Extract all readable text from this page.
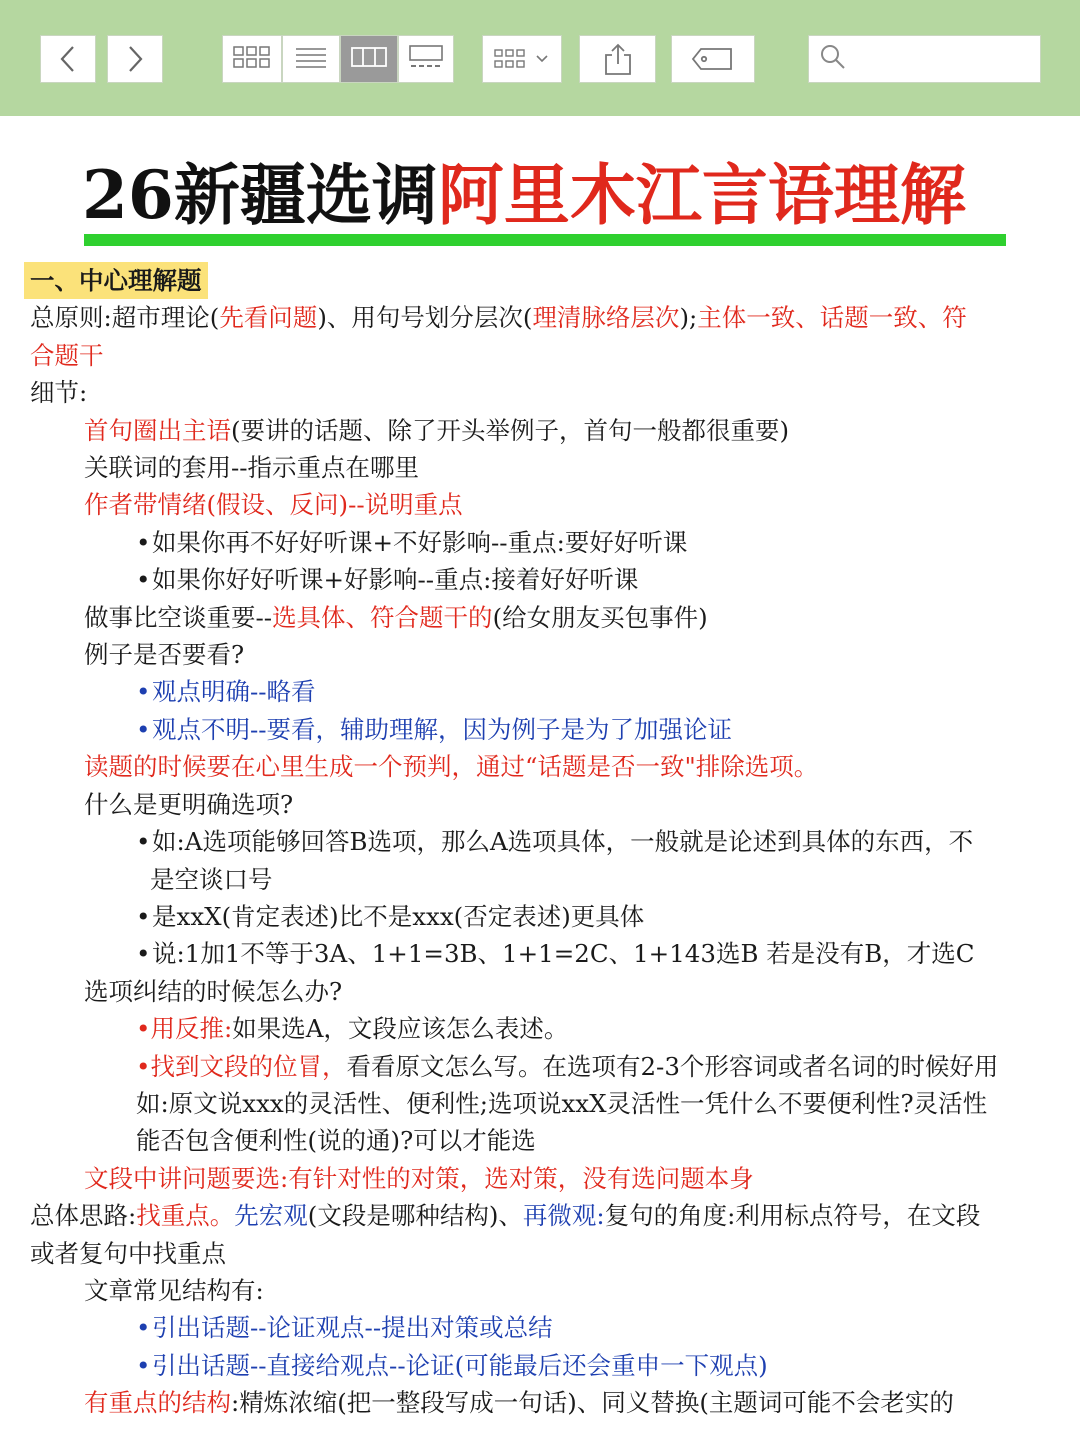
26新疆选调阿里木江言语理解
一、中心理解题
总原则:超市理论(先看问题)、用句号划分层次(理清脉络层次);主体一致、话题一致、符
合题干
细节:
首句圈出主语(要讲的话题、除了开头举例子，首句一般都很重要)
关联词的套用--指示重点在哪里
作者带情绪(假设、反问)--说明重点
• 如果你再不好好听课+不好影响--重点:要好好听课
• 如果你好好听课+好影响--重点:接着好好听课
做事比空谈重要--选具体、符合题干的(给女朋友买包事件)
例子是否要看?
• 观点明确--略看
• 观点不明--要看，辅助理解，因为例子是为了加强论证
读题的时候要在心里生成一个预判，通过“话题是否一致"排除选项。
什么是更明确选项?
• 如:A选项能够回答B选项，那么A选项具体，一般就是论述到具体的东西，不
是空谈口号
• 是xxX(肯定表述)比不是xxx(否定表述)更具体
• 说:1加1不等于3A、1+1=3B、1+1=2C、1+143选B 若是没有B，才选C
选项纠结的时候怎么办?
•用反推:如果选A，文段应该怎么表述。
•找到文段的位冒，看看原文怎么写。在选项有2-3个形容词或者名词的时候好用
如:原文说xxx的灵活性、便利性;选项说xxX灵活性一凭什么不要便利性?灵活性
能否包含便利性(说的通)?可以才能选
文段中讲问题要选:有针对性的对策，选对策，没有选问题本身
总体思路:找重点。先宏观(文段是哪种结构)、再微观:复句的角度:利用标点符号，在文段
或者复句中找重点
文章常见结构有:
• 引出话题--论证观点--提出对策或总结
• 引出话题--直接给观点--论证(可能最后还会重申一下观点)
有重点的结构:精炼浓缩(把一整段写成一句话)、同义替换(主题词可能不会老实的
